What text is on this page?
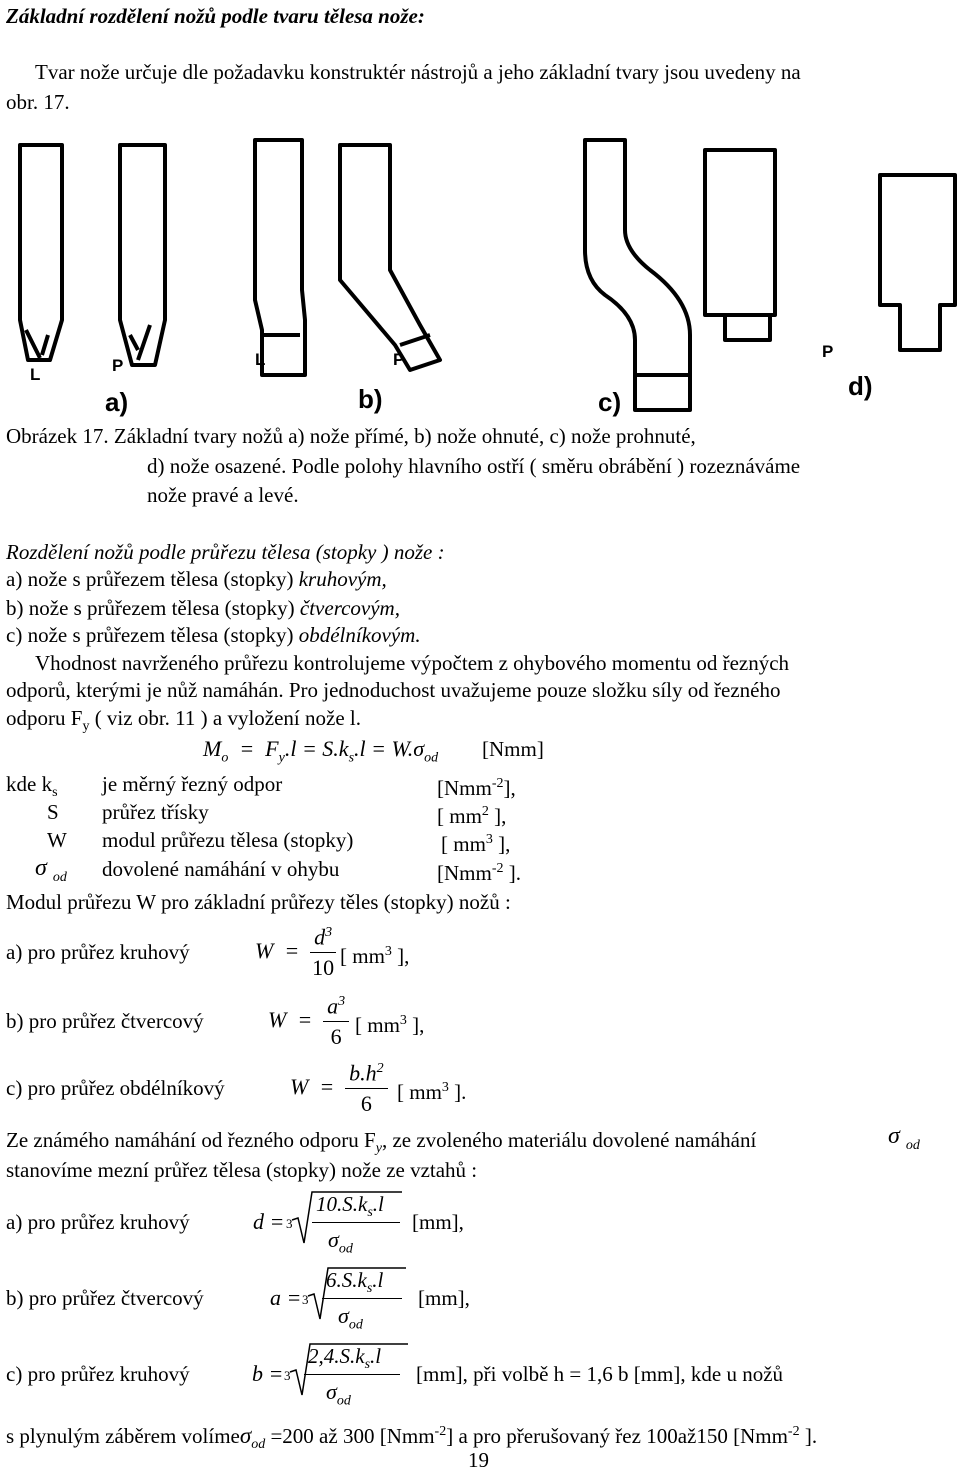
Základní rozdělení nožů podle tvaru tělesa nože:
Tvar nože určuje dle požadavku konstruktér nástrojů a jeho základní tvary jsou uvedeny na
obr. 17.
L	P	L	P	P
a)	b)	c)
d)
Obrázek 17. Základní tvary nožů a) nože přímé, b) nože ohnuté, c) nože prohnuté,
d) nože osazené. Podle polohy hlavního ostří ( směru obrábění ) rozeznáváme
nože pravé a levé.
Rozdělení nožů podle průřezu tělesa (stopky ) nože :
a) nože s průřezem tělesa (stopky) kruhovým,
b) nože s průřezem tělesa (stopky) čtvercovým,
c) nože s průřezem tělesa (stopky) obdélníkovým.
Vhodnost navrženého průřezu kontrolujeme výpočtem z ohybového momentu od řezných
odporů, kterými je nůž namáhán. Pro jednoduchost uvažujeme pouze složku síly od řezného
odporu $F_y$ ( viz obr. 11 ) a vyložení nože l.
$M_o = F_y.l = S.k_s.l = W.\sigma_{od}$ [Nmm]
kde $k_s$ je měrný řezný odpor	[Nmm$^{-2}$],
S průřez třísky	[ $mm^2$ ],
W modul průřezu tělesa (stopky)	[ $mm^3$ ],
σ $_{od}$ dovolené namáhání v ohybu	[Nmm$^{-2}$ ].
Modul průřezu W pro základní průřezy těles (stopky) nožů :
a) pro průřez kruhový	$W = \frac{d^3}{10}$ [ $mm^3$ ],
b) pro průřez čtvercový	$W = \frac{a^3}{6}$ [ $mm^3$ ],
c) pro průřez obdélníkový	$W = \frac{b.h^2}{6}$ [ $mm^3$ ].
Ze známého namáhání od řezného odporu $F_y$, ze zvoleného materiálu dovolené namáhání	σ $_{od}$
stanovíme mezní průřez tělesa (stopky) nože ze vztahů :
a) pro průřez kruhový	d = 3
$10.S.k_s.l$
$\sigma_{od}$
[mm],
b) pro průřez čtvercový	a = 3
$6.S.k_s.l$
$\sigma_{od}$
[mm],
c) pro průřez kruhový	b = 3
$2,4.S.k_s.l$
$\sigma_{od}$
[mm], při volbě h = 1,6 b [mm], kde u nožů
s plynulým záběrem volímeσ$_{od}$ =200 až 300 [Nmm$^{-2}$] a pro přerušovaný řez 100až150 [Nmm$^{-2}$ ].
19
